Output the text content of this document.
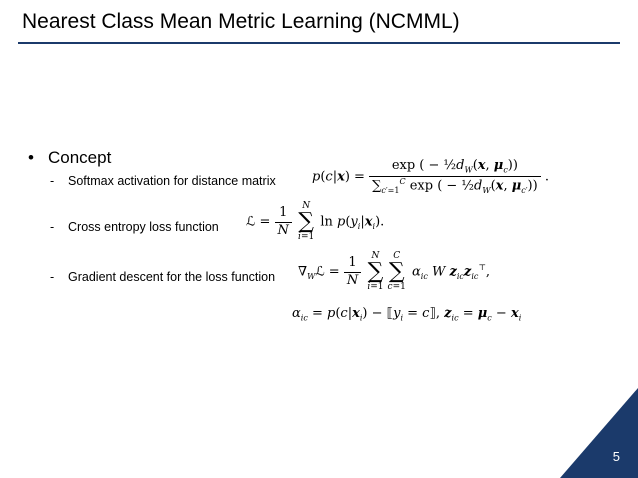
Nearest Class Mean Metric Learning (NCMML)
• Concept
- Softmax activation for distance matrix	$p(c|x) = \frac{\exp ( - \frac{1}{2}d_W(x, \mu_c))}{\sum_{c'=1}^C \exp ( - \frac{1}{2}d_W(x, \mu_{c'}))}$ .
- Cross entropy loss function ℒ = $\frac{1}{N}$
	N
∑
i=1
$\ln p(y_i|x_i)$.
- Gradient descent for the loss function $\nabla_Wℒ = \frac{1}{N}$
	N
∑
i=1
C
∑
c=1
$\alpha_{ic}$ W $z_{ic}z_{ic}^⊤$,
$\alpha_{ic} = p(c|x_i)$ − $⟦y_i$ = c⟧, $z_{ic} = \mu_c - x_i$
5
